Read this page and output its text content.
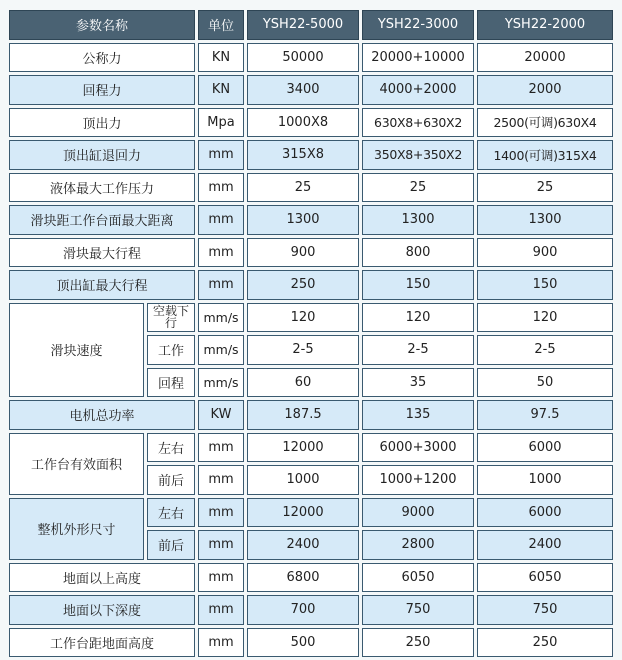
参数名称		单位	YSH22-5000	YSH22-3000	YSH22-2000
公称力		KN	50000	20000+10000	20000
回程力		KN	3400	4000+2000	2000
顶出力		Mpa	1000X8	630X8+630X2	2500(可调)630X4
顶出缸退回力		mm	315X8	350X8+350X2	1400(可调)315X4
液体最大工作压力		mm	25	25	25
滑块距工作台面最大距离		mm	1300	1300	1300
滑块最大行程		mm	900	800	900
顶出缸最大行程		mm	250	150	150
滑块速度	空载下行	mm/s	120	120	120
	工作	mm/s	2-5	2-5	2-5
	回程	mm/s	60	35	50
电机总功率		KW	187.5	135	97.5
工作台有效面积	左右	mm	12000	6000+3000	6000
	前后	mm	1000	1000+1200	1000
整机外形尺寸	左右	mm	12000	9000	6000
	前后	mm	2400	2800	2400
地面以上高度		mm	6800	6050	6050
地面以下深度		mm	700	750	750
工作台距地面高度		mm	500	250	250
